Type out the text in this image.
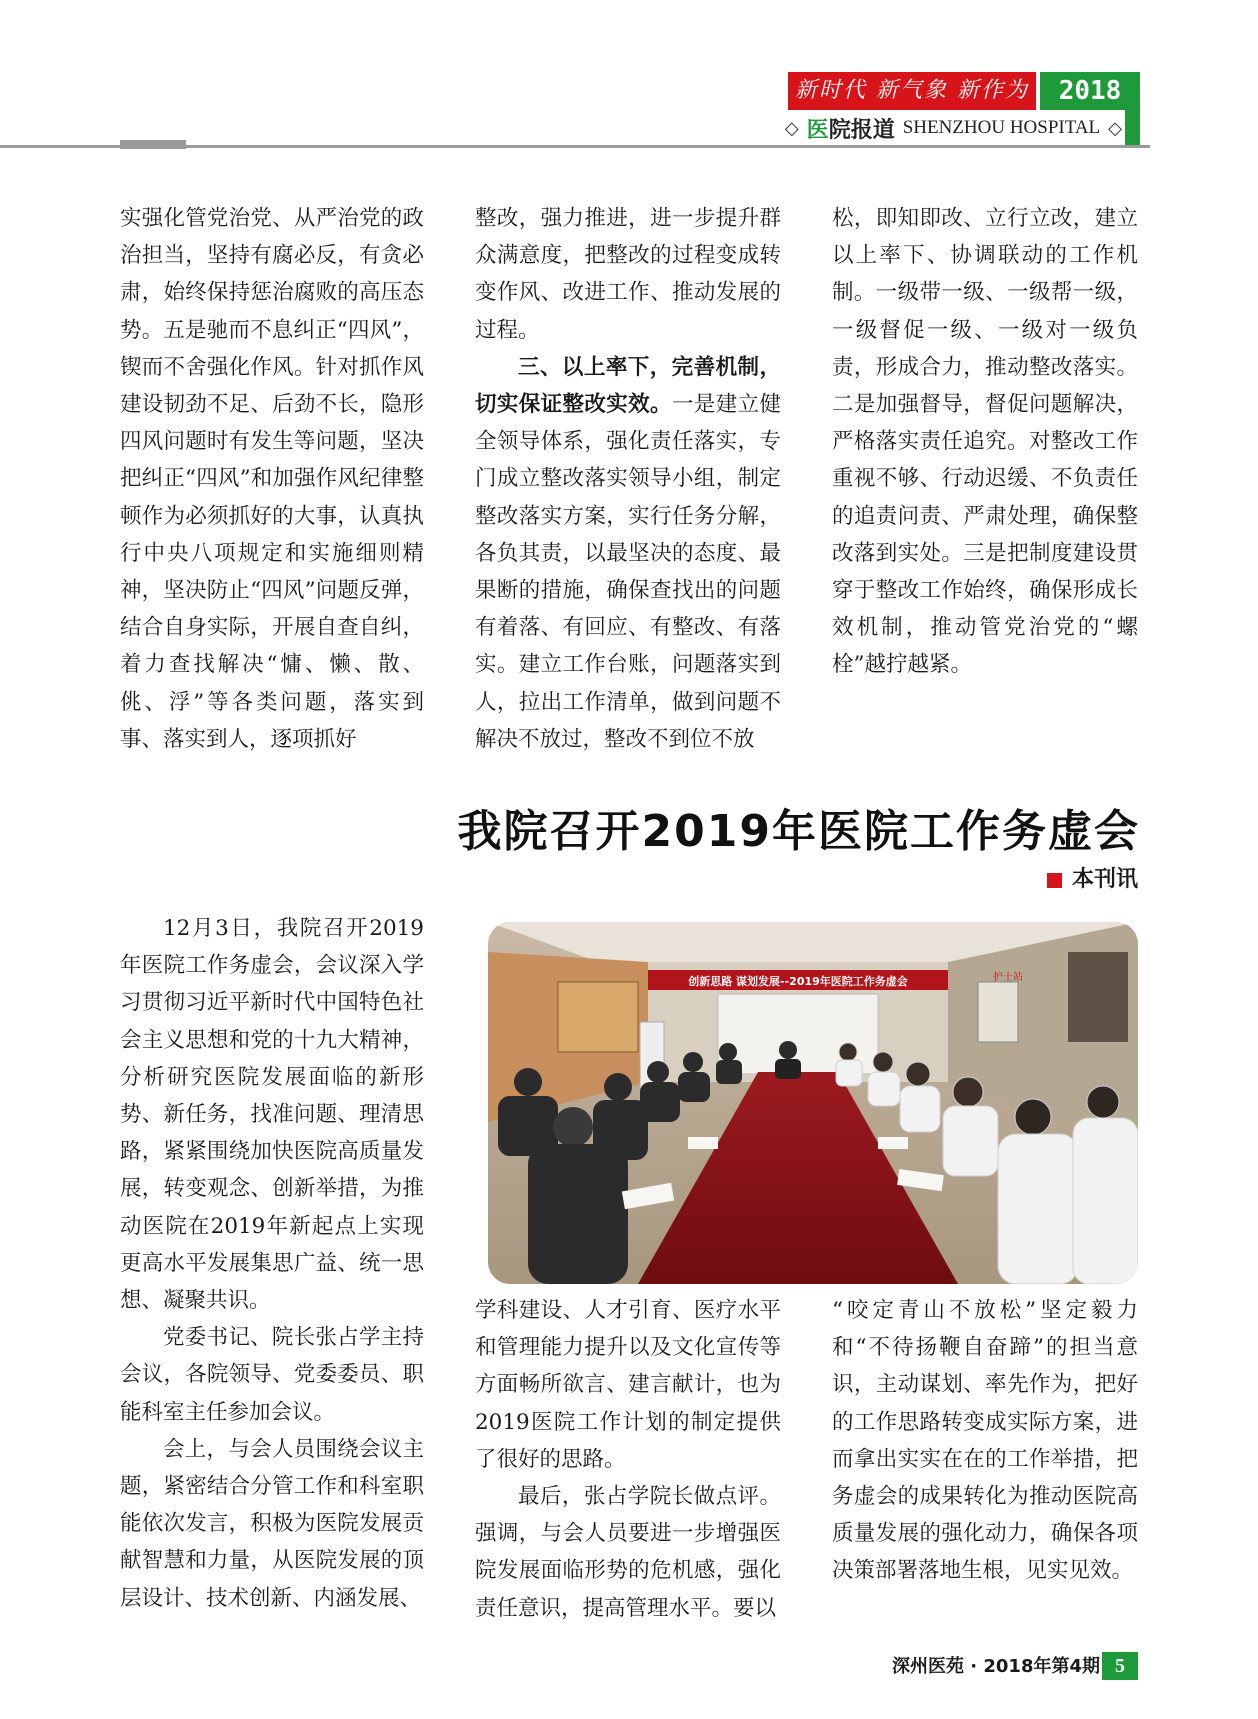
新时代 新气象 新作为	2018
◇ 医院报道 SHENZHOU HOSPITAL ◇

实强化管党治党、从严治党的政治担当，坚持有腐必反，有贪必肃，始终保持惩治腐败的高压态势。五是驰而不息纠正“四风”，锲而不舍强化作风。针对抓作风建设韧劲不足、后劲不长，隐形四风问题时有发生等问题，坚决把纠正“四风”和加强作风纪律整顿作为必须抓好的大事，认真执行中央八项规定和实施细则精神，坚决防止“四风”问题反弹，结合自身实际，开展自查自纠，着力查找解决“慵、懒、散、佻、浮”等各类问题，落实到事、落实到人，逐项抓好

整改，强力推进，进一步提升群众满意度，把整改的过程变成转变作风、改进工作、推动发展的过程。

三、以上率下，完善机制，切实保证整改实效。一是建立健全领导体系，强化责任落实，专门成立整改落实领导小组，制定整改落实方案，实行任务分解，各负其责，以最坚决的态度、最果断的措施，确保查找出的问题有着落、有回应、有整改、有落实。建立工作台账，问题落实到人，拉出工作清单，做到问题不解决不放过，整改不到位不放

松，即知即改、立行立改，建立以上率下、协调联动的工作机制。一级带一级、一级帮一级，一级督促一级、一级对一级负责，形成合力，推动整改落实。二是加强督导，督促问题解决，严格落实责任追究。对整改工作重视不够、行动迟缓、不负责任的追责问责、严肃处理，确保整改落到实处。三是把制度建设贯穿于整改工作始终，确保形成长效机制，推动管党治党的“螺栓”越拧越紧。

我院召开2019年医院工作务虚会
本刊讯

12月3日，我院召开2019年医院工作务虚会，会议深入学习贯彻习近平新时代中国特色社会主义思想和党的十九大精神，分析研究医院发展面临的新形势、新任务，找准问题、理清思路，紧紧围绕加快医院高质量发展，转变观念、创新举措，为推动医院在2019年新起点上实现更高水平发展集思广益、统一思想、凝聚共识。

党委书记、院长张占学主持会议，各院领导、党委委员、职能科室主任参加会议。

会上，与会人员围绕会议主题，紧密结合分管工作和科室职能依次发言，积极为医院发展贡献智慧和力量，从医院发展的顶层设计、技术创新、内涵发展、

创新思路 谋划发展--2019年医院工作务虚会	护士站

学科建设、人才引育、医疗水平和管理能力提升以及文化宣传等方面畅所欲言、建言献计，也为2019医院工作计划的制定提供了很好的思路。

最后，张占学院长做点评。强调，与会人员要进一步增强医院发展面临形势的危机感，强化责任意识，提高管理水平。要以

“咬定青山不放松”坚定毅力和“不待扬鞭自奋蹄”的担当意识，主动谋划、率先作为，把好的工作思路转变成实际方案，进而拿出实实在在的工作举措，把务虚会的成果转化为推动医院高质量发展的强化动力，确保各项决策部署落地生根，见实见效。

深州医苑 · 2018年第4期 5
